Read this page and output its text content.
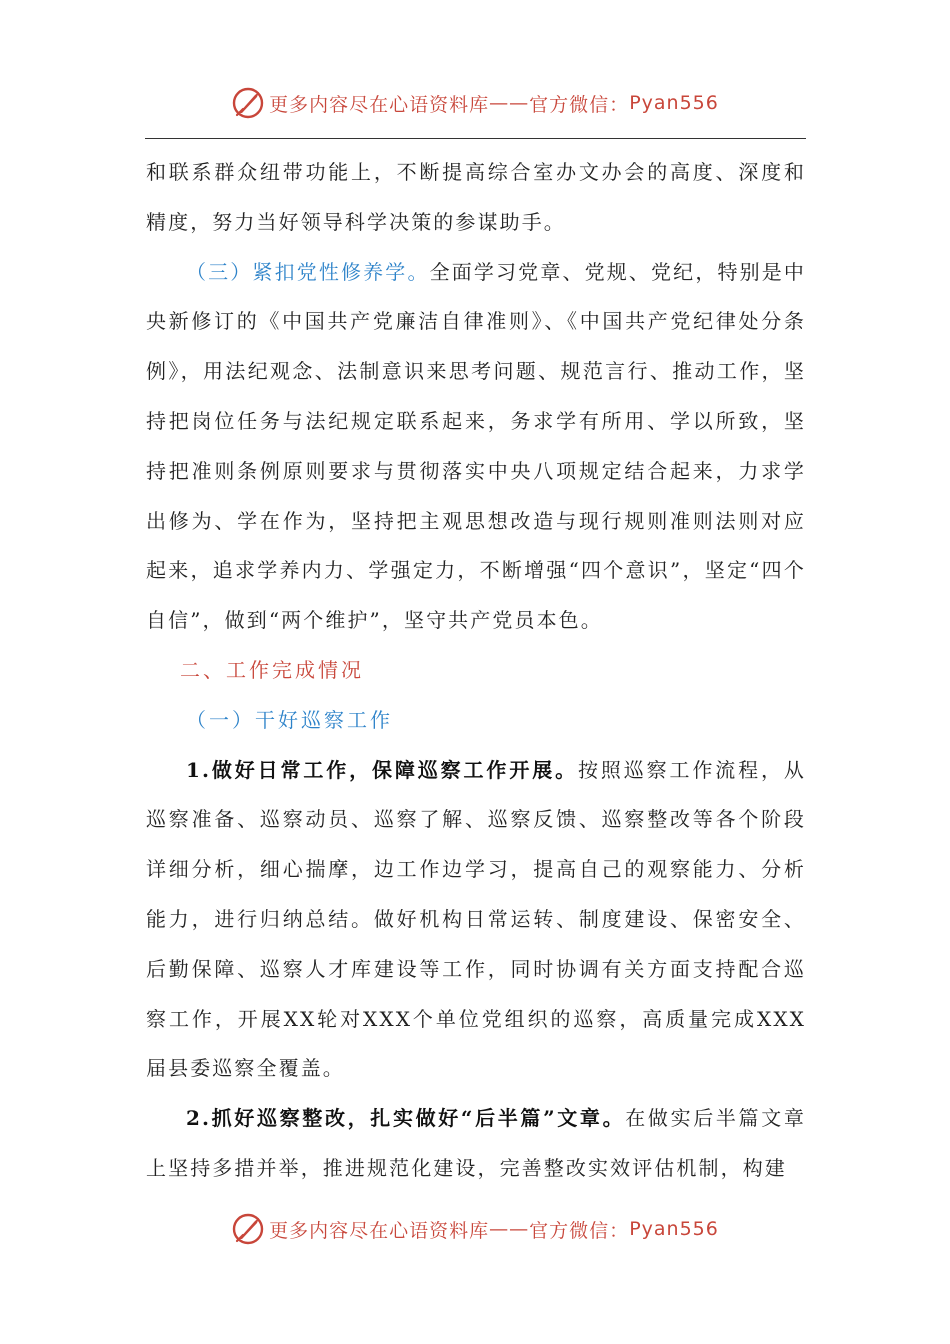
更多内容尽在心语资料库 —— 官方微信： Pyan556

和联系群众纽带功能上，不断提高综合室办文办会的高度、深度和精度，努力当好领导科学决策的参谋助手。

（三）紧扣党性修养学。全面学习党章、党规、党纪，特别是中央新修订的《中国共产党廉洁自律准则》、《中国共产党纪律处分条例》，用法纪观念、法制意识来思考问题、规范言行、推动工作，坚持把岗位任务与法纪规定联系起来，务求学有所用、学以所致，坚持把准则条例原则要求与贯彻落实中央八项规定结合起来，力求学出修为、学在作为，坚持把主观思想改造与现行规则准则法则对应起来，追求学养内力、学强定力，不断增强“四个意识”，坚定“四个自信”，做到“两个维护”，坚守共产党员本色。

二、工作完成情况

（一）干好巡察工作

1.做好日常工作，保障巡察工作开展。按照巡察工作流程，从巡察准备、巡察动员、巡察了解、巡察反馈、巡察整改等各个阶段详细分析，细心揣摩，边工作边学习，提高自己的观察能力、分析能力，进行归纳总结。做好机构日常运转、制度建设、保密安全、后勤保障、巡察人才库建设等工作，同时协调有关方面支持配合巡察工作，开展XX轮对XXX个单位党组织的巡察，高质量完成XXX届县委巡察全覆盖。

2.抓好巡察整改，扎实做好“后半篇”文章。在做实后半篇文章上坚持多措并举，推进规范化建设，完善整改实效评估机制，构建

更多内容尽在心语资料库 —— 官方微信： Pyan556
